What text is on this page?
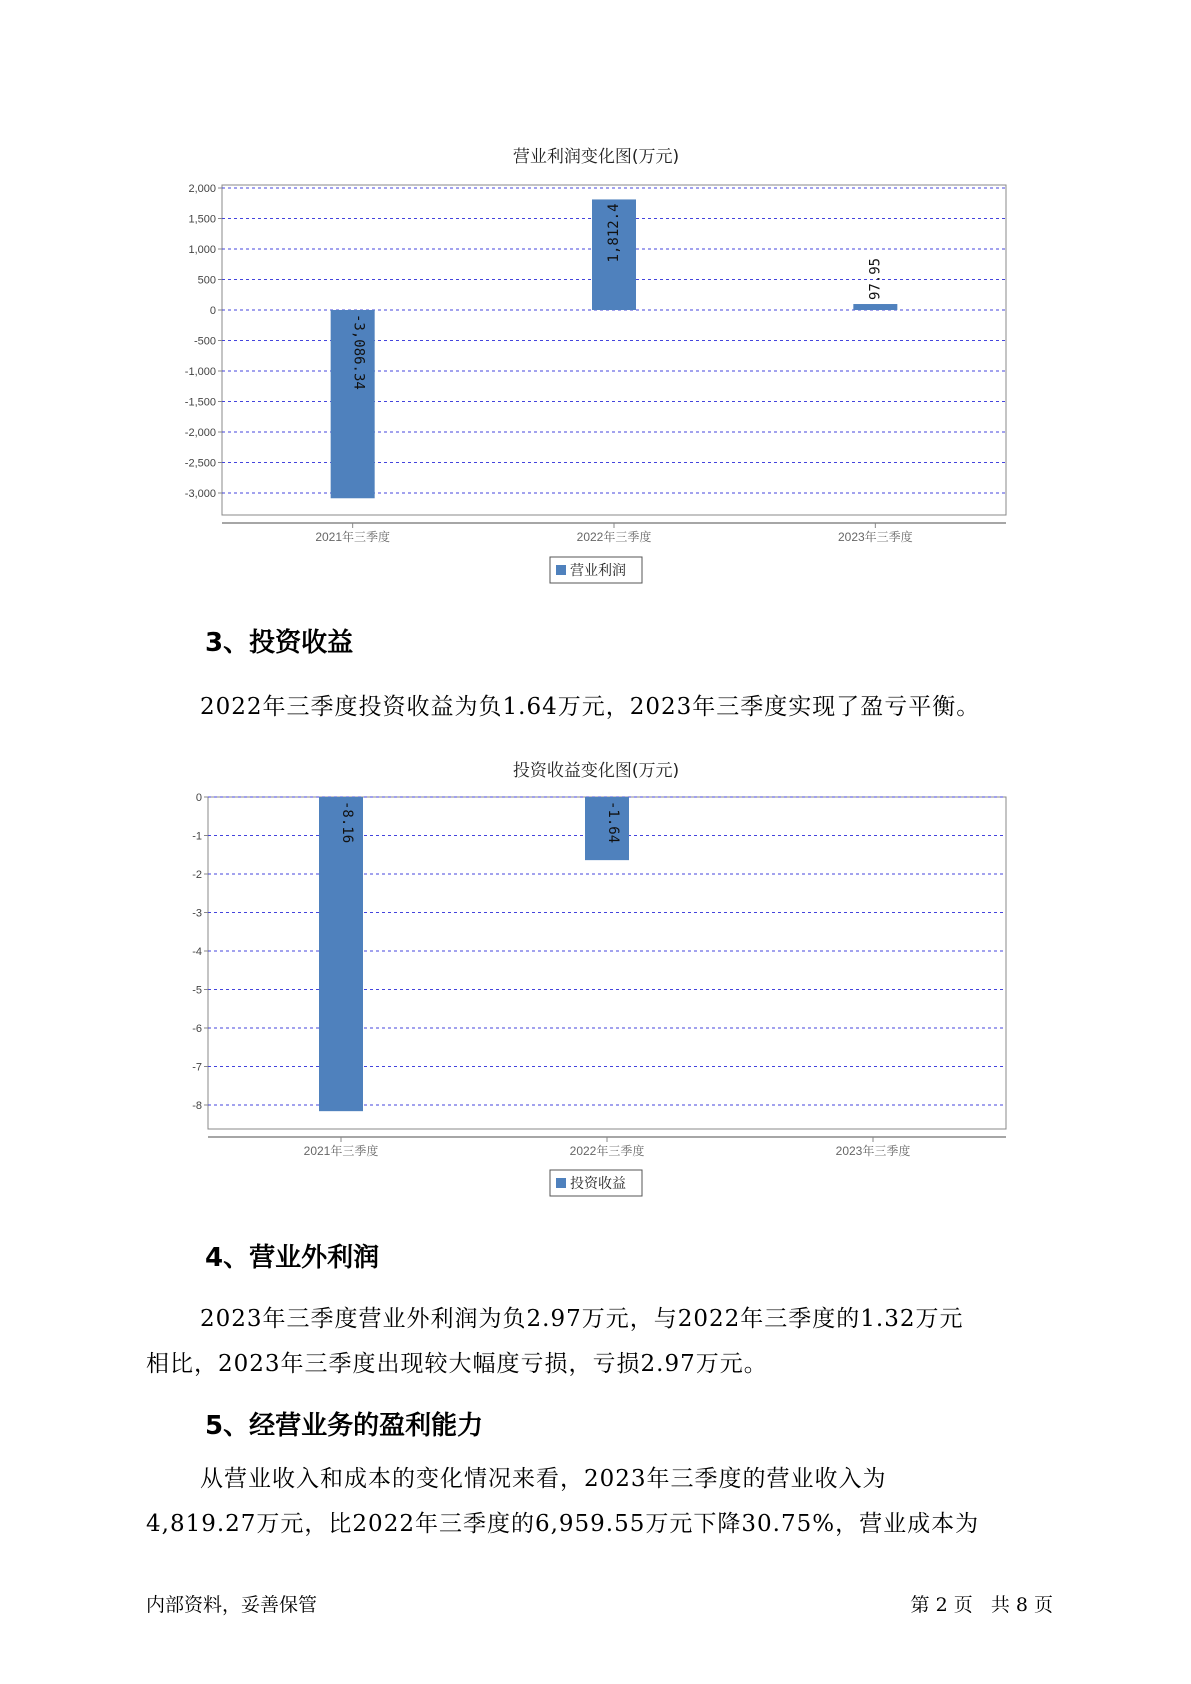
营业利润变化图(万元)
2,000
1,500
1,000
500
0
-500
-1,000
-1,500
-2,000
-2,500
-3,000
2021年三季度	2022年三季度	2023年三季度
-3,086.34
1,812.4
97.95
营业利润
3、投资收益
2022年三季度投资收益为负1.64万元，2023年三季度实现了盈亏平衡。
投资收益变化图(万元)
0
-1
-2
-3
-4
-5
-6
-7
-8
2021年三季度	2022年三季度	2023年三季度
-8.16	-1.64
投资收益
4、营业外利润
2023年三季度营业外利润为负2.97万元，与2022年三季度的1.32万元
相比，2023年三季度出现较大幅度亏损，亏损2.97万元。
5、经营业务的盈利能力
从营业收入和成本的变化情况来看，2023年三季度的营业收入为
4,819.27万元，比2022年三季度的6,959.55万元下降30.75%，营业成本为
内部资料，妥善保管	第 2 页   共 8 页
